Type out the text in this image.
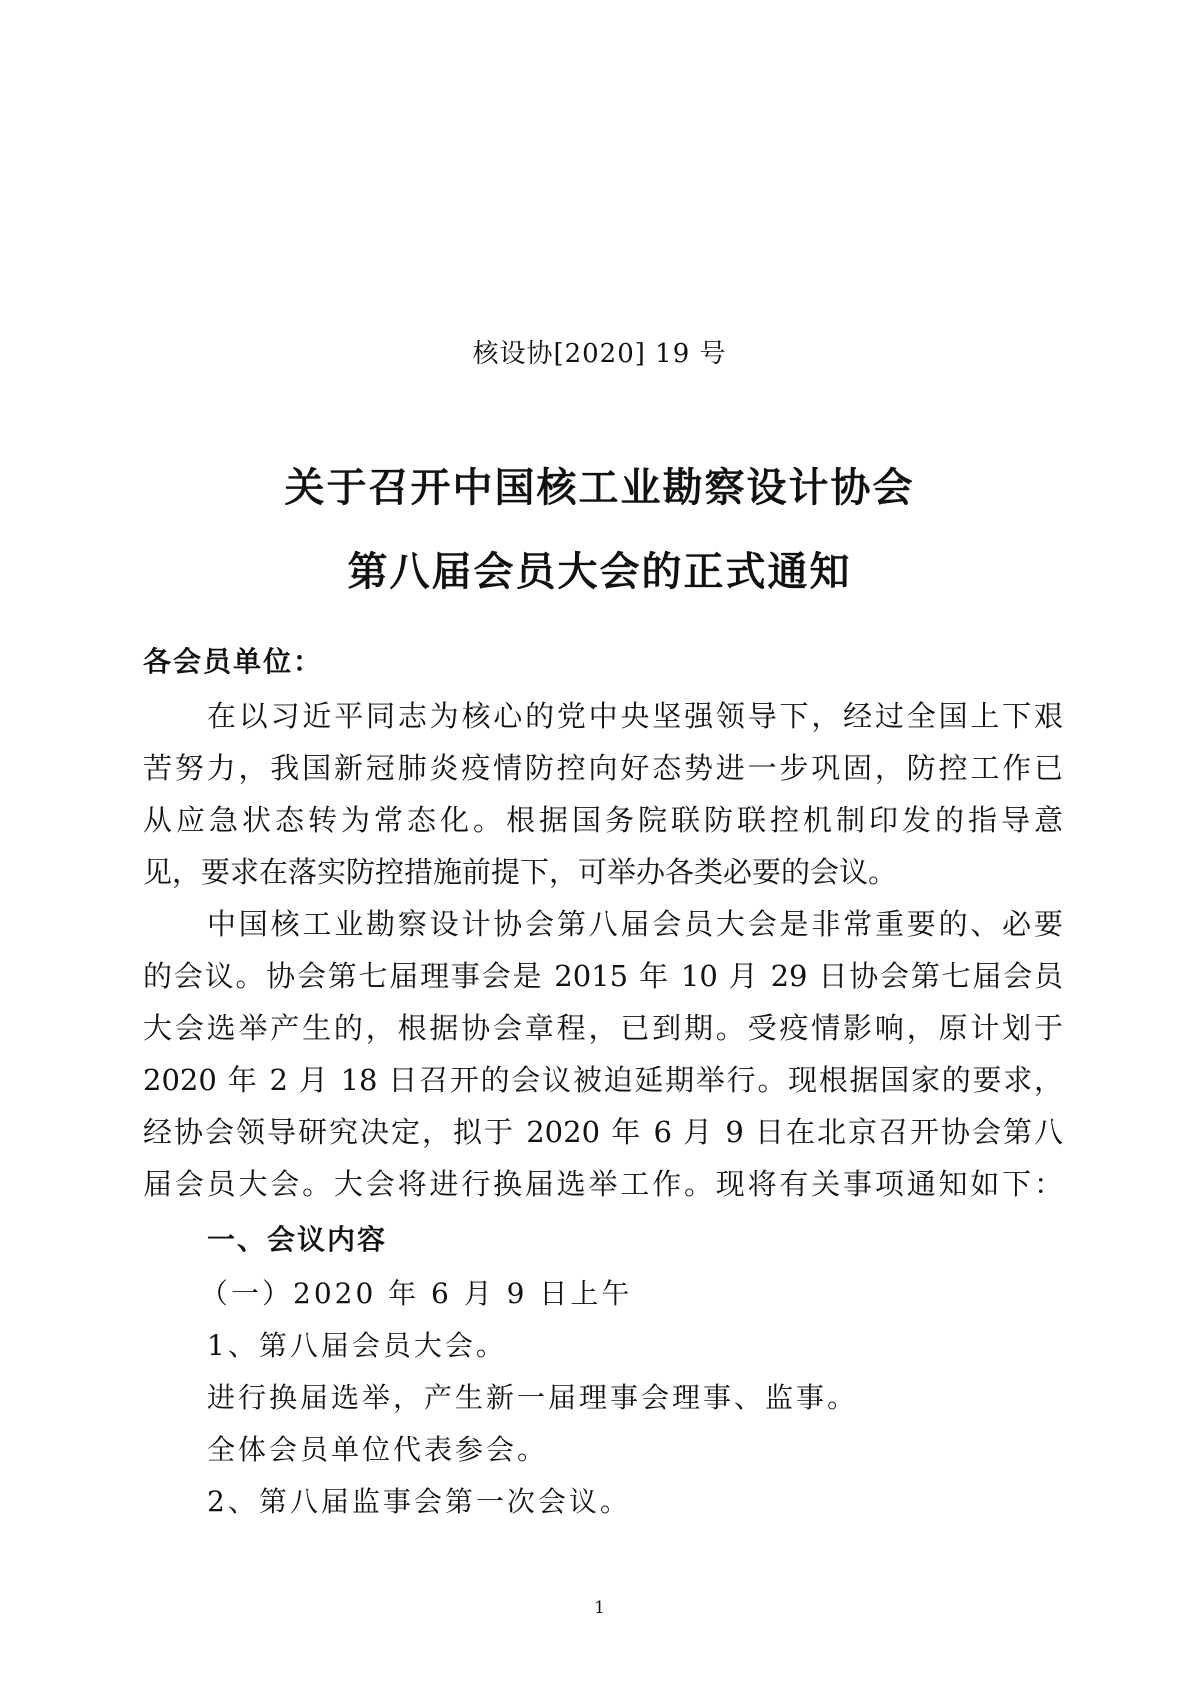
核设协[2020] 19 号
关于召开中国核工业勘察设计协会
第八届会员大会的正式通知
各会员单位：
在以习近平同志为核心的党中央坚强领导下，经过全国上下艰
苦努力，我国新冠肺炎疫情防控向好态势进一步巩固，防控工作已
从应急状态转为常态化。根据国务院联防联控机制印发的指导意
见，要求在落实防控措施前提下，可举办各类必要的会议。
中国核工业勘察设计协会第八届会员大会是非常重要的、必要
的会议。协会第七届理事会是 2015 年 10 月 29 日协会第七届会员
大会选举产生的，根据协会章程，已到期。受疫情影响，原计划于
2020 年 2 月 18 日召开的会议被迫延期举行。现根据国家的要求，
经协会领导研究决定，拟于 2020 年 6 月 9 日在北京召开协会第八
届会员大会。大会将进行换届选举工作。现将有关事项通知如下：
一、会议内容
（一）2020 年 6 月 9 日上午
1、第八届会员大会。
进行换届选举，产生新一届理事会理事、监事。
全体会员单位代表参会。
2、第八届监事会第一次会议。
1
